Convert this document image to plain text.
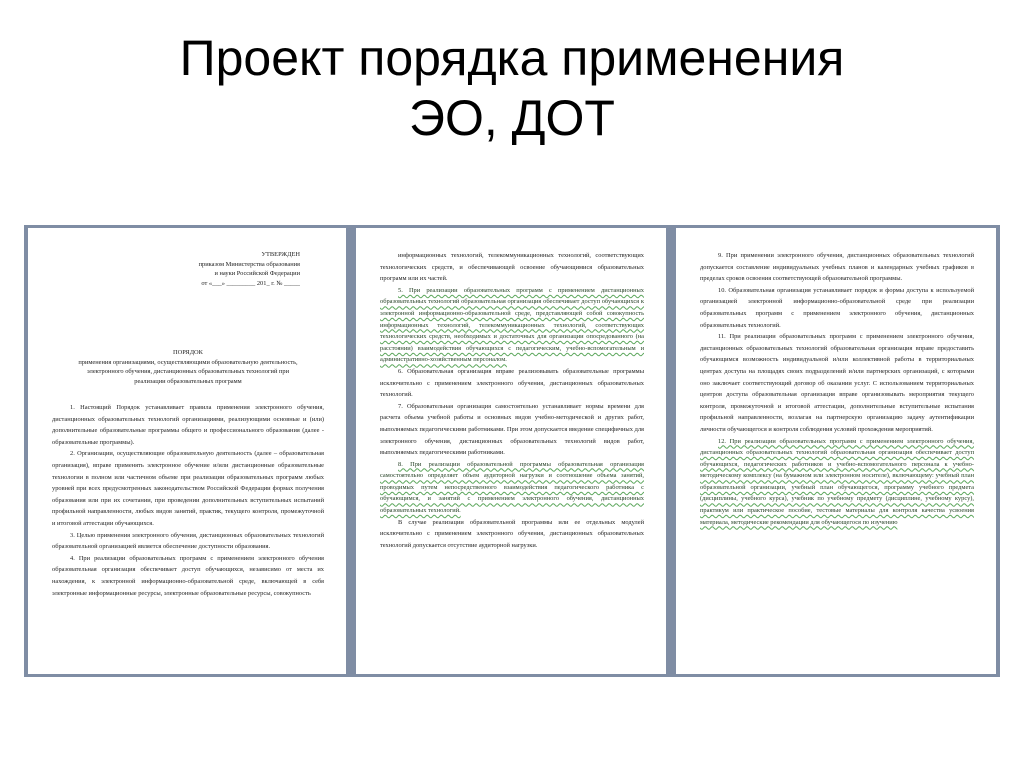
Проект порядка применения
ЭО, ДОТ
УТВЕРЖДЕН
приказом Министерства образования
и науки Российской Федерации
от «___» _________ 201_ г. № _____
ПОРЯДОК
применения организациями, осуществляющими образовательную деятельность,
электронного обучения, дистанционных образовательных технологий при
реализации образовательных программ

1. Настоящий Порядок устанавливает правила применения электронного обучения, дистанционных образовательных технологий организациями, реализующими основные и (или) дополнительные образовательные программы общего и профессионального образования (далее - образовательные программы).

2. Организации, осуществляющие образовательную деятельность (далее – образовательная организация), вправе применять электронное обучение и/или дистанционные образовательные технологии в полном или частичном объеме при реализации образовательных программ любых уровней при всех предусмотренных законодательством Российской Федерации формах получения образования или при их сочетании, при проведении дополнительных вступительных испытаний профильной направленности, любых видов занятий, практик, текущего контроля, промежуточной и итоговой аттестации обучающихся.

3. Целью применения электронного обучения, дистанционных образовательных технологий образовательной организацией является обеспечение доступности образования.

4. При реализации образовательных программ с применением электронного обучения образовательная организация обеспечивает доступ обучающихся, независимо от места их нахождения, к электронной информационно-образовательной среде, включающей в себя электронные информационные ресурсы, электронные образовательные ресурсы, совокупность

информационных технологий, телекоммуникационных технологий, соответствующих технологических средств, и обеспечивающей освоение обучающимися образовательных программ или их частей.

5. При реализации образовательных программ с применением дистанционных образовательных технологий образовательная организация обеспечивает доступ обучающихся к электронной информационно-образовательной среде, представляющей собой совокупность информационных технологий, телекоммуникационных технологий, соответствующих технологических средств, необходимых и достаточных для организации опосредованного (на расстоянии) взаимодействия обучающихся с педагогическим, учебно-вспомогательным и административно-хозяйственным персоналом.

6. Образовательная организация вправе реализовывать образовательные программы исключительно с применением электронного обучения, дистанционных образовательных технологий.

7. Образовательная организация самостоятельно устанавливает нормы времени для расчета объема учебной работы и основных видов учебно-методической и других работ, выполняемых педагогическими работниками. При этом допускается введение специфичных для электронного обучения, дистанционных образовательных технологий видов работ, выполняемых педагогическими работниками.

8. При реализации образовательной программы образовательная организация самостоятельно определяет объем аудиторной нагрузки и соотношение объема занятий, проводимых путем непосредственного взаимодействия педагогического работника с обучающимся, и занятий с применением электронного обучения, дистанционных образовательных технологий.

В случае реализации образовательной программы или ее отдельных модулей исключительно с применением электронного обучения, дистанционных образовательных технологий допускается отсутствие аудиторной нагрузки.

9. При применении электронного обучения, дистанционных образовательных технологий допускается составление индивидуальных учебных планов и календарных учебных графиков в пределах сроков освоения соответствующей образовательной программы.

10. Образовательная организация устанавливает порядок и формы доступа к используемой организацией электронной информационно-образовательной среде при реализации образовательных программ с применением электронного обучения, дистанционных образовательных технологий.

11. При реализации образовательных программ с применением электронного обучения, дистанционных образовательных технологий образовательная организация вправе предоставить обучающимся возможность индивидуальной и/или коллективной работы в территориальных центрах доступа на площадях своих подразделений и/или партнерских организаций, с которыми оно заключает соответствующий договор об оказании услуг. С использованием территориальных центров доступа образовательная организация вправе организовывать мероприятия текущего контроля, промежуточной и итоговой аттестации, дополнительные вступительные испытания профильной направленности, возлагая на партнерскую организацию задачу аутентификации личности обучающегося и контроля соблюдения условий прохождения мероприятий.

12. При реализации образовательных программ с применением электронного обучения, дистанционных образовательных технологий образовательная организация обеспечивает доступ обучающихся, педагогических работников и учебно-вспомогательного персонала к учебно-методическому комплексу (на бумажном или электронном носителе), включающему: учебный план образовательной организации, учебный план обучающегося, программу учебного предмета (дисциплины, учебного курса), учебник по учебному предмету (дисциплине, учебному курсу), практикум или практическое пособие, тестовые материалы для контроля качества усвоения материала, методические рекомендации для обучающегося по изучению
